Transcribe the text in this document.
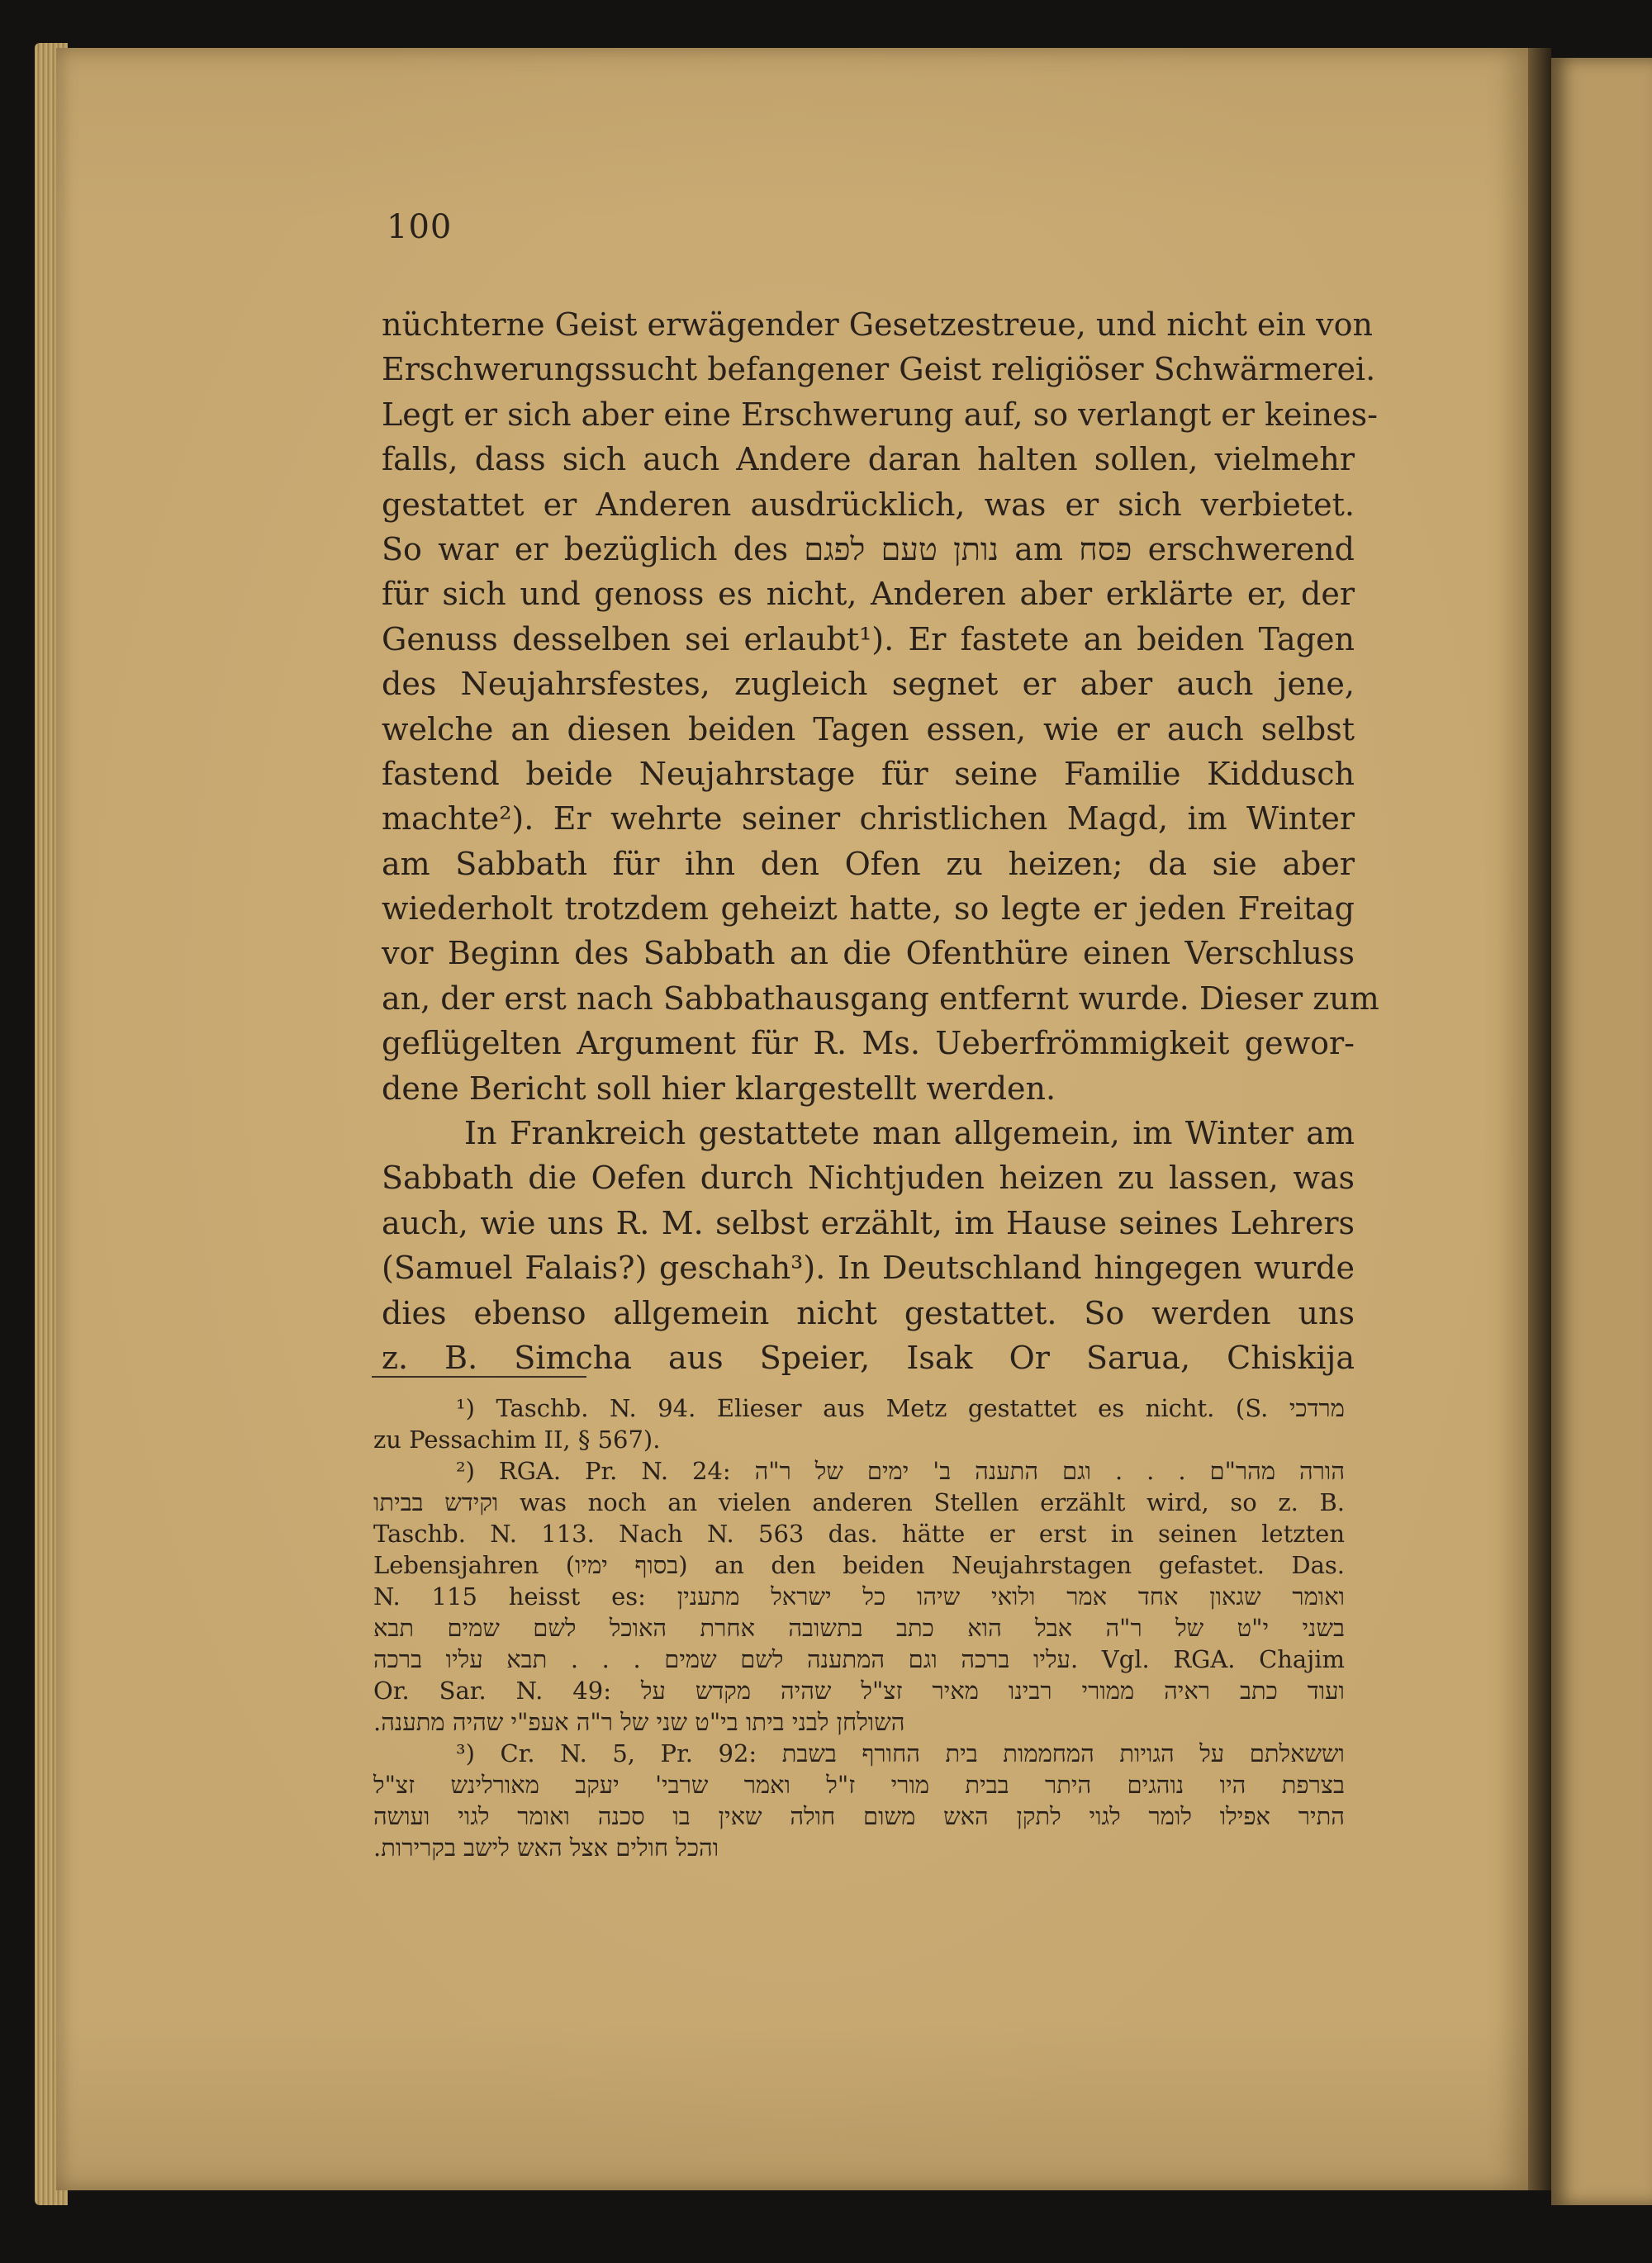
100
nüchterne Geist erwägender Gesetzestreue, und nicht ein von
Erschwerungssucht befangener Geist religiöser Schwärmerei.
Legt er sich aber eine Erschwerung auf, so verlangt er keines-
falls, dass sich auch Andere daran halten sollen, vielmehr
gestattet er Anderen ausdrücklich, was er sich verbietet.
So war er bezüglich des נותן טעם לפגם am פסח erschwerend
für sich und genoss es nicht, Anderen aber erklärte er, der
Genuss desselben sei erlaubt¹). Er fastete an beiden Tagen
des Neujahrsfestes, zugleich segnet er aber auch jene,
welche an diesen beiden Tagen essen, wie er auch selbst
fastend beide Neujahrstage für seine Familie Kiddusch
machte²). Er wehrte seiner christlichen Magd, im Winter
am Sabbath für ihn den Ofen zu heizen; da sie aber
wiederholt trotzdem geheizt hatte, so legte er jeden Freitag
vor Beginn des Sabbath an die Ofenthüre einen Verschluss
an, der erst nach Sabbathausgang entfernt wurde. Dieser zum
geflügelten Argument für R. Ms. Ueberfrömmigkeit gewor-
dene Bericht soll hier klargestellt werden.
In Frankreich gestattete man allgemein, im Winter am
Sabbath die Oefen durch Nichtjuden heizen zu lassen, was
auch, wie uns R. M. selbst erzählt, im Hause seines Lehrers
(Samuel Falais?) geschah³). In Deutschland hingegen wurde
dies ebenso allgemein nicht gestattet. So werden uns
z. B. Simcha aus Speier, Isak Or Sarua, Chiskija
¹) Taschb. N. 94. Elieser aus Metz gestattet es nicht. (S. מרדכי
zu Pessachim II, § 567).
²) RGA. Pr. N. 24: הורה מהר"ם . . . וגם התענה ב' ימים של ר"ה
וקידש בביתו was noch an vielen anderen Stellen erzählt wird, so z. B.
Taschb. N. 113. Nach N. 563 das. hätte er erst in seinen letzten
Lebensjahren (בסוף ימיו) an den beiden Neujahrstagen gefastet. Das.
N. 115 heisst es: ואומר שגאון אחד אמר ולואי שיהו כל ישראל מתענין
בשני י"ט של ר"ה אבל הוא כתב בתשובה אחרת האוכל לשם שמים תבא
עליו ברכה וגם המתענה לשם שמים . . . תבא עליו ברכה. Vgl. RGA. Chajim
Or. Sar. N. 49: ועוד כתב ראיה ממורי רבינו מאיר זצ"ל שהיה מקדש על
השולחן לבני ביתו בי"ט שני של ר"ה אעפ"י שהיה מתענה.
³) Cr. N. 5, Pr. 92: וששאלתם על הגויות המחממות בית החורף בשבת
בצרפת היו נוהגים היתר בבית מורי ז"ל ואמר שרבי' יעקב מאורלינש זצ"ל
התיר אפילו לומר לגוי לתקן האש משום חולה שאין בו סכנה ואומר לגוי ועושה
והכל חולים אצל האש לישב בקרירות.
